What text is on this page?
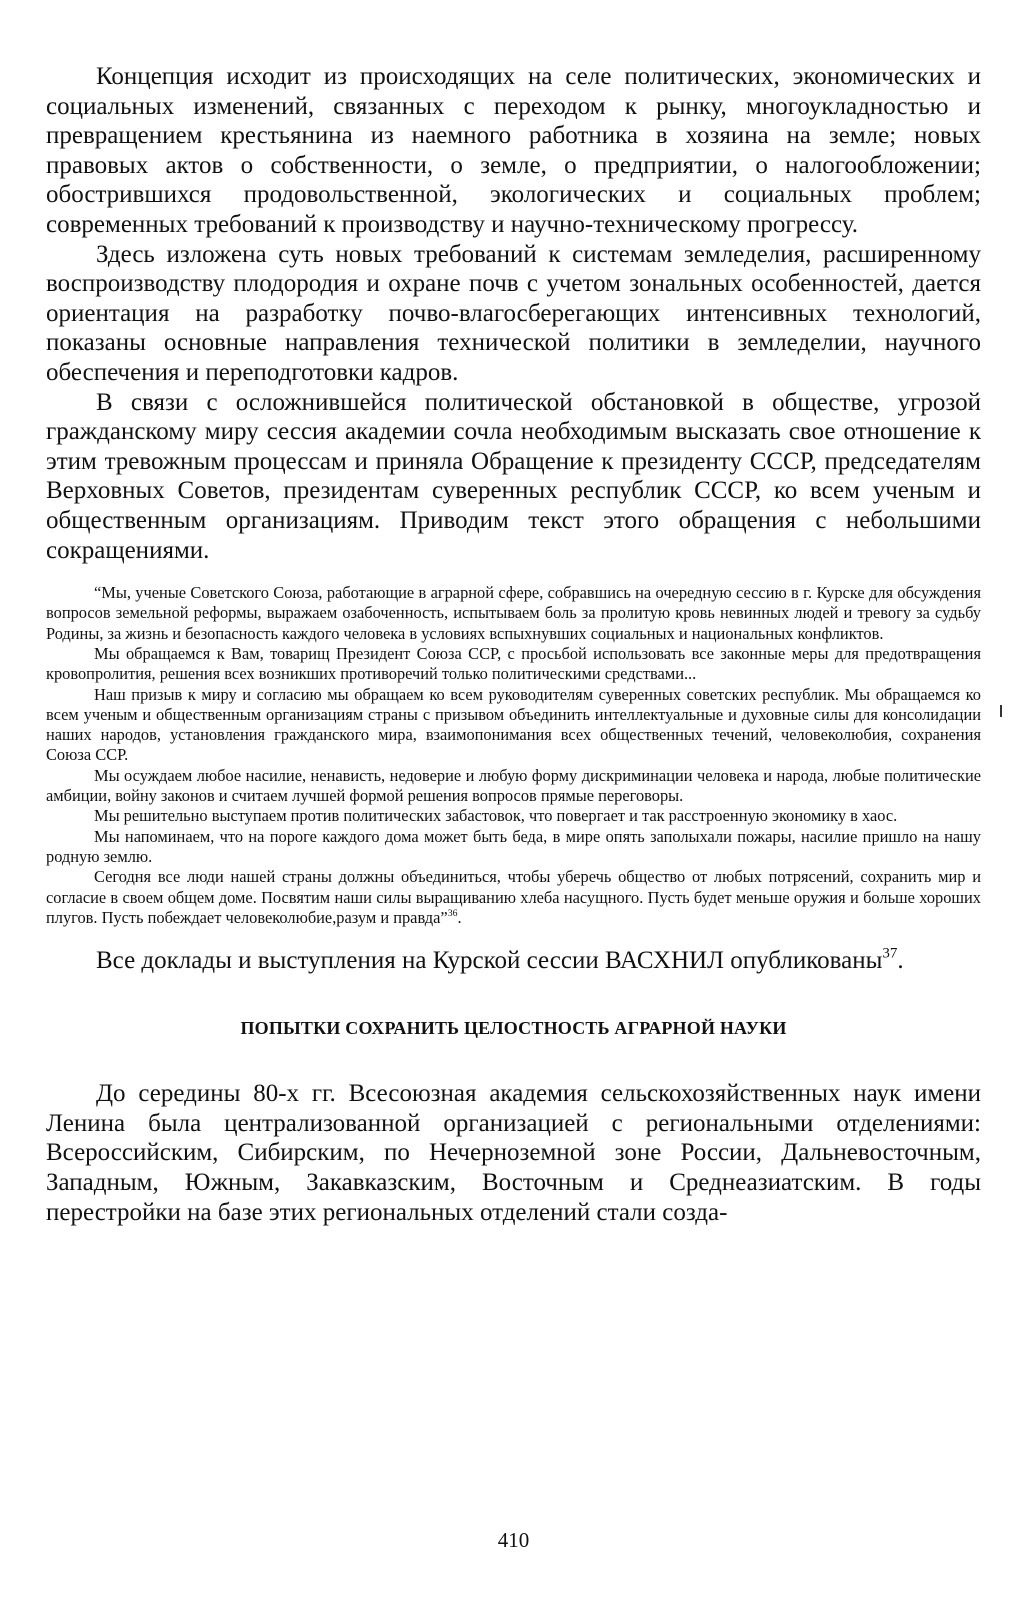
Концепция исходит из происходящих на селе политических, экономических и социальных изменений, связанных с переходом к рынку, многоукладностью и превращением крестьянина из наемного работника в хозяина на земле; новых правовых актов о собственности, о земле, о предприятии, о налогообложении; обострившихся продовольственной, экологических и социальных проблем; современных требований к производству и научно-техническому прогрессу.

Здесь изложена суть новых требований к системам земледелия, расширенному воспроизводству плодородия и охране почв с учетом зональных особенностей, дается ориентация на разработку почво-влагосберегающих интенсивных технологий, показаны основные направления технической политики в земледелии, научного обеспечения и переподготовки кадров.

В связи с осложнившейся политической обстановкой в обществе, угрозой гражданскому миру сессия академии сочла необходимым высказать свое отношение к этим тревожным процессам и приняла Обращение к президенту СССР, председателям Верховных Советов, президентам суверенных республик СССР, ко всем ученым и общественным организациям. Приводим текст этого обращения с небольшими сокращениями.

“Мы, ученые Советского Союза, работающие в аграрной сфере, собравшись на очередную сессию в г. Курске для обсуждения вопросов земельной реформы, выражаем озабоченность, испытываем боль за пролитую кровь невинных людей и тревогу за судьбу Родины, за жизнь и безопасность каждого человека в условиях вспыхнувших социальных и национальных конфликтов.

Мы обращаемся к Вам, товарищ Президент Союза ССР, с просьбой использовать все законные меры для предотвращения кровопролития, решения всех возникших противоречий только политическими средствами...

Наш призыв к миру и согласию мы обращаем ко всем руководителям суверенных советских республик. Мы обращаемся ко всем ученым и общественным организациям страны с призывом объединить интеллектуальные и духовные силы для консолидации наших народов, установления гражданского мира, взаимопонимания всех общественных течений, человеколюбия, сохранения Союза ССР.

Мы осуждаем любое насилие, ненависть, недоверие и любую форму дискриминации человека и народа, любые политические амбиции, войну законов и считаем лучшей формой решения вопросов прямые переговоры.

Мы решительно выступаем против политических забастовок, что повергает и так расстроенную экономику в хаос.

Мы напоминаем, что на пороге каждого дома может быть беда, в мире опять заполыхали пожары, насилие пришло на нашу родную землю.

Сегодня все люди нашей страны должны объединиться, чтобы уберечь общество от любых потрясений, сохранить мир и согласие в своем общем доме. Посвятим наши силы выращиванию хлеба насущного. Пусть будет меньше оружия и больше хороших плугов. Пусть побеждает человеколюбие,разум и правда”$^{36}$.

Все доклады и выступления на Курской сессии ВАСХНИЛ опубликованы$^{37}$.

ПОПЫТКИ СОХРАНИТЬ ЦЕЛОСТНОСТЬ АГРАРНОЙ НАУКИ

До середины 80-х гг. Всесоюзная академия сельскохозяйственных наук имени Ленина была централизованной организацией с региональными отделениями: Всероссийским, Сибирским, по Нечерноземной зоне России, Дальневосточным, Западным, Южным, Закавказским, Восточным и Среднеазиатским. В годы перестройки на базе этих региональных отделений стали созда-

410
